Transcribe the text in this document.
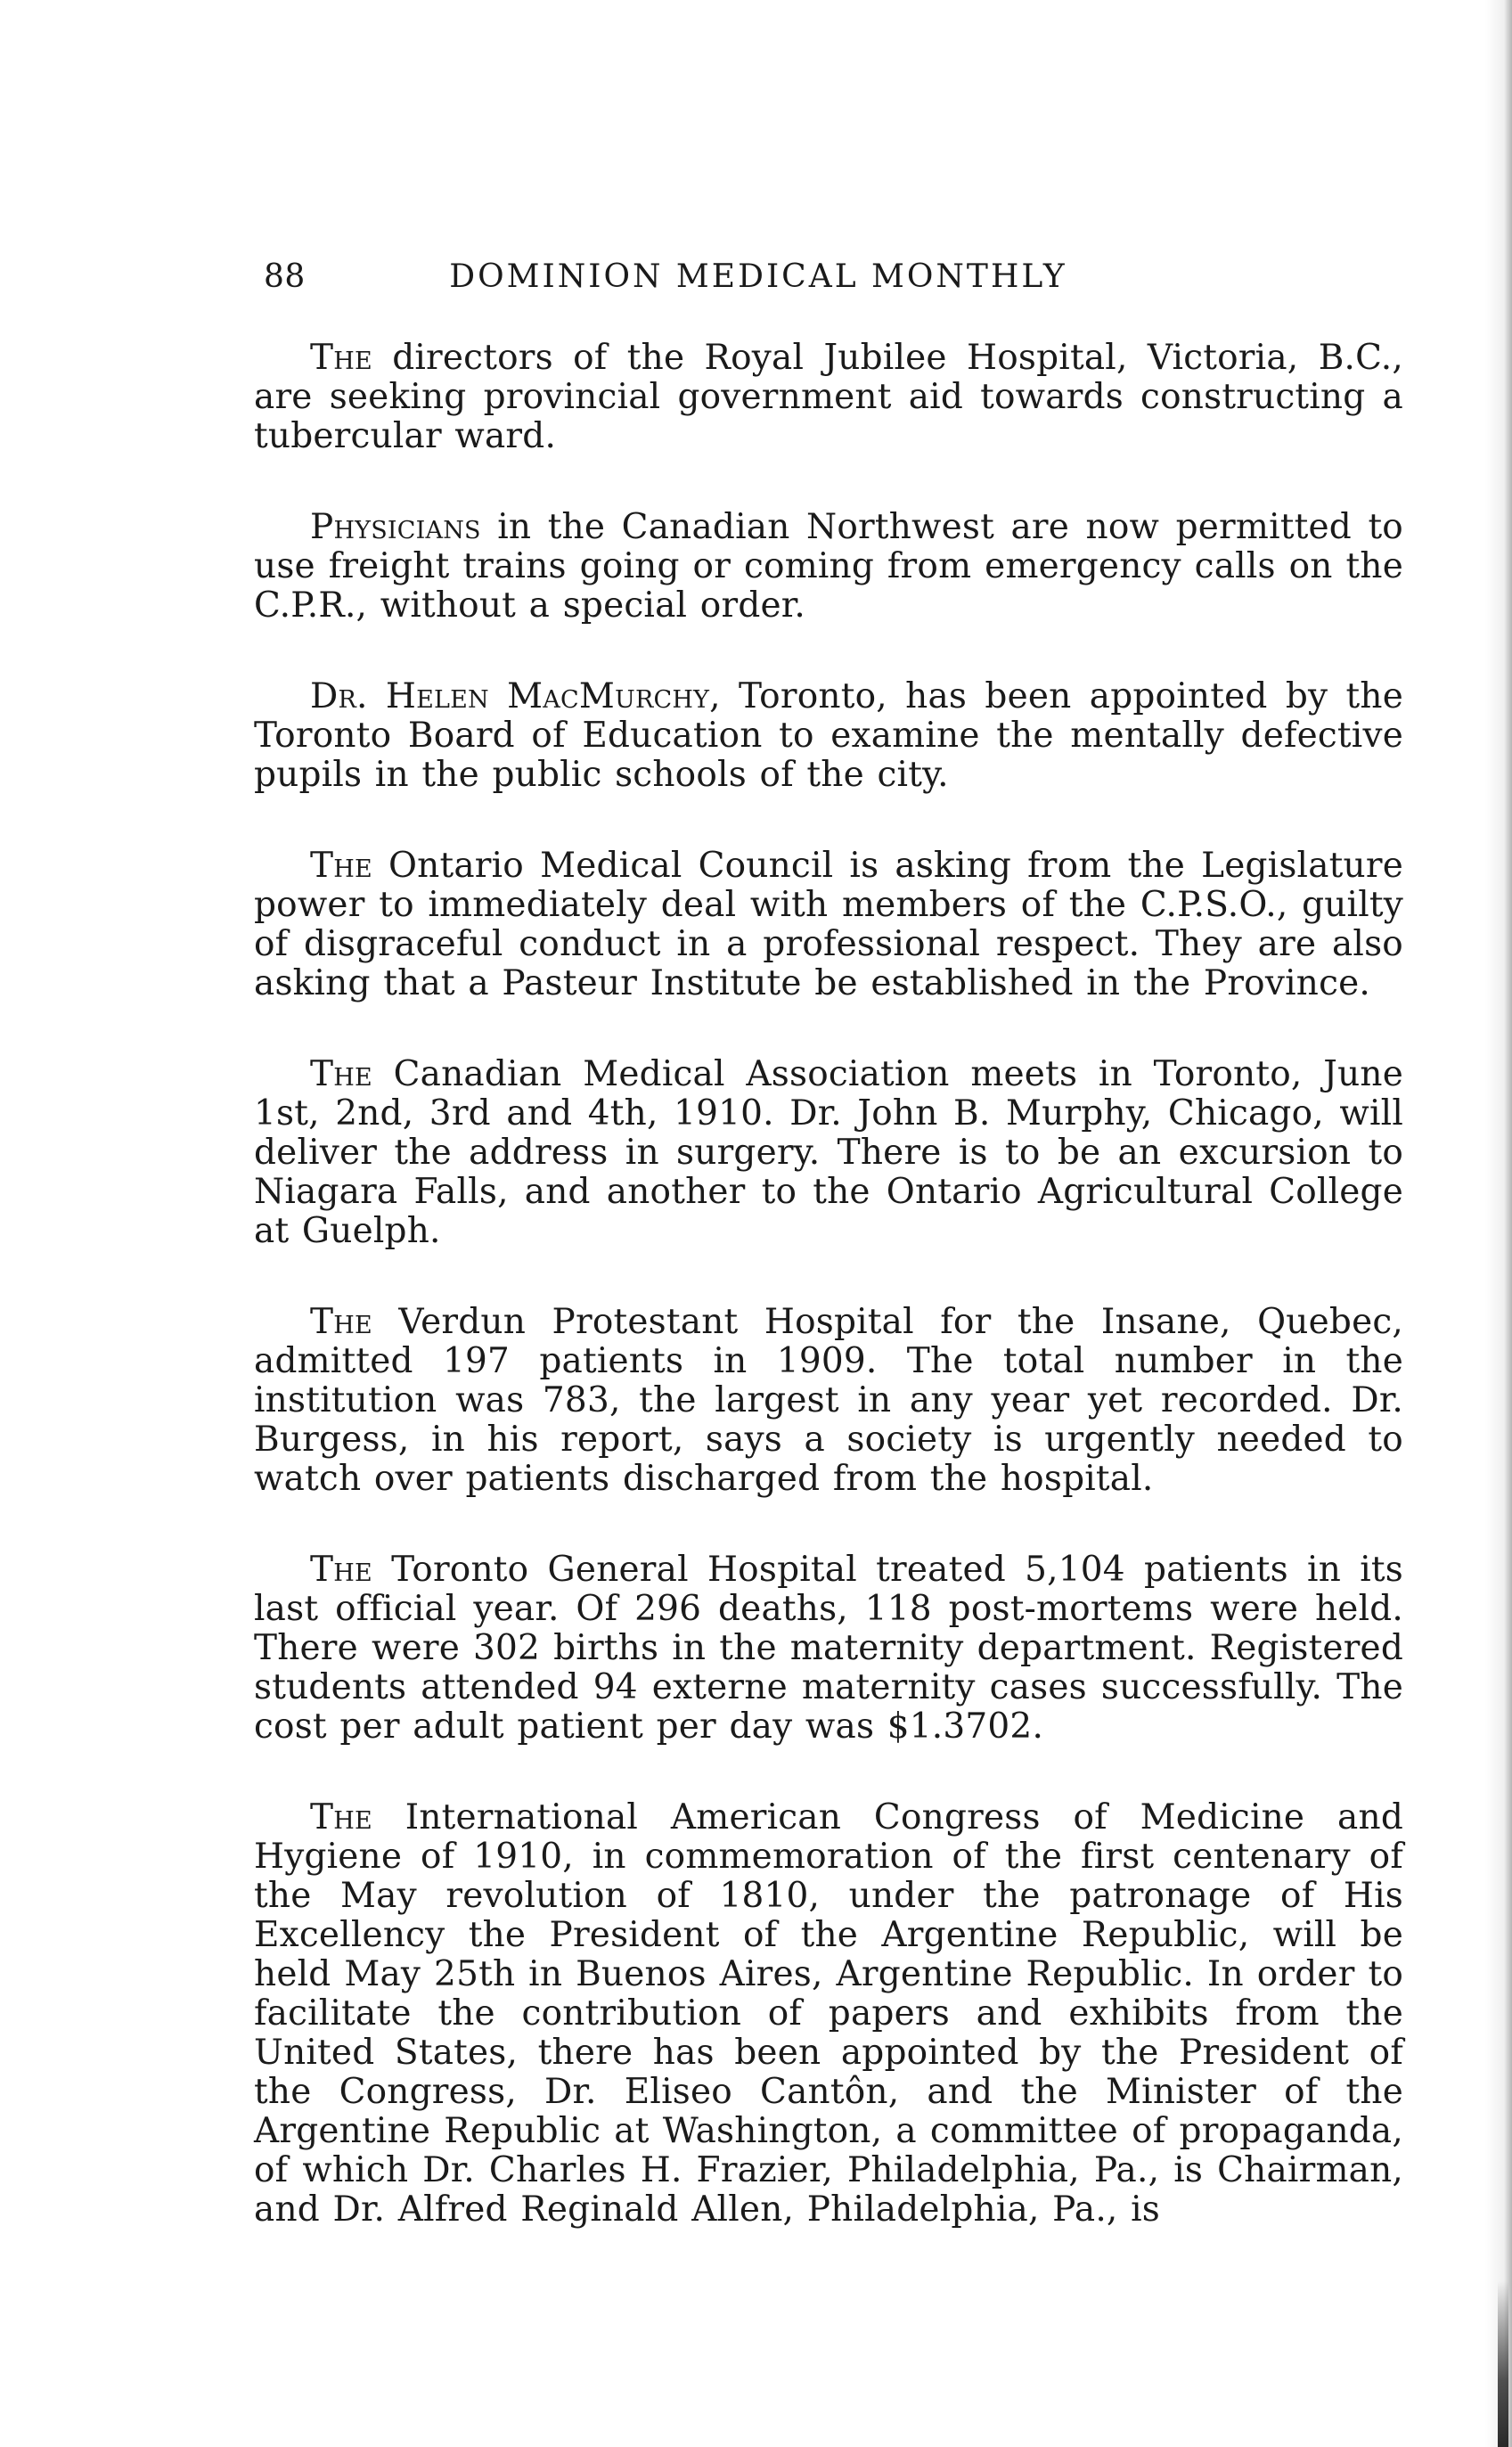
88	DOMINION MEDICAL MONTHLY

The directors of the Royal Jubilee Hospital, Victoria, B.C., are seeking provincial government aid towards constructing a tubercular ward.

Physicians in the Canadian Northwest are now permitted to use freight trains going or coming from emergency calls on the C.P.R., without a special order.

Dr. Helen MacMurchy, Toronto, has been appointed by the Toronto Board of Education to examine the mentally defective pupils in the public schools of the city.

The Ontario Medical Council is asking from the Legislature power to immediately deal with members of the C.P.S.O., guilty of disgraceful conduct in a professional respect. They are also asking that a Pasteur Institute be established in the Province.

The Canadian Medical Association meets in Toronto, June 1st, 2nd, 3rd and 4th, 1910. Dr. John B. Murphy, Chicago, will deliver the address in surgery. There is to be an excursion to Niagara Falls, and another to the Ontario Agricultural College at Guelph.

The Verdun Protestant Hospital for the Insane, Quebec, admitted 197 patients in 1909. The total number in the institution was 783, the largest in any year yet recorded. Dr. Burgess, in his report, says a society is urgently needed to watch over patients discharged from the hospital.

The Toronto General Hospital treated 5,104 patients in its last official year. Of 296 deaths, 118 post-mortems were held. There were 302 births in the maternity department. Registered students attended 94 externe maternity cases successfully. The cost per adult patient per day was $1.3702.

The International American Congress of Medicine and Hygiene of 1910, in commemoration of the first centenary of the May revolution of 1810, under the patronage of His Excellency the President of the Argentine Republic, will be held May 25th in Buenos Aires, Argentine Republic. In order to facilitate the contribution of papers and exhibits from the United States, there has been appointed by the President of the Congress, Dr. Eliseo Cantôn, and the Minister of the Argentine Republic at Washington, a committee of propaganda, of which Dr. Charles H. Frazier, Philadelphia, Pa., is Chairman, and Dr. Alfred Reginald Allen, Philadelphia, Pa., is
